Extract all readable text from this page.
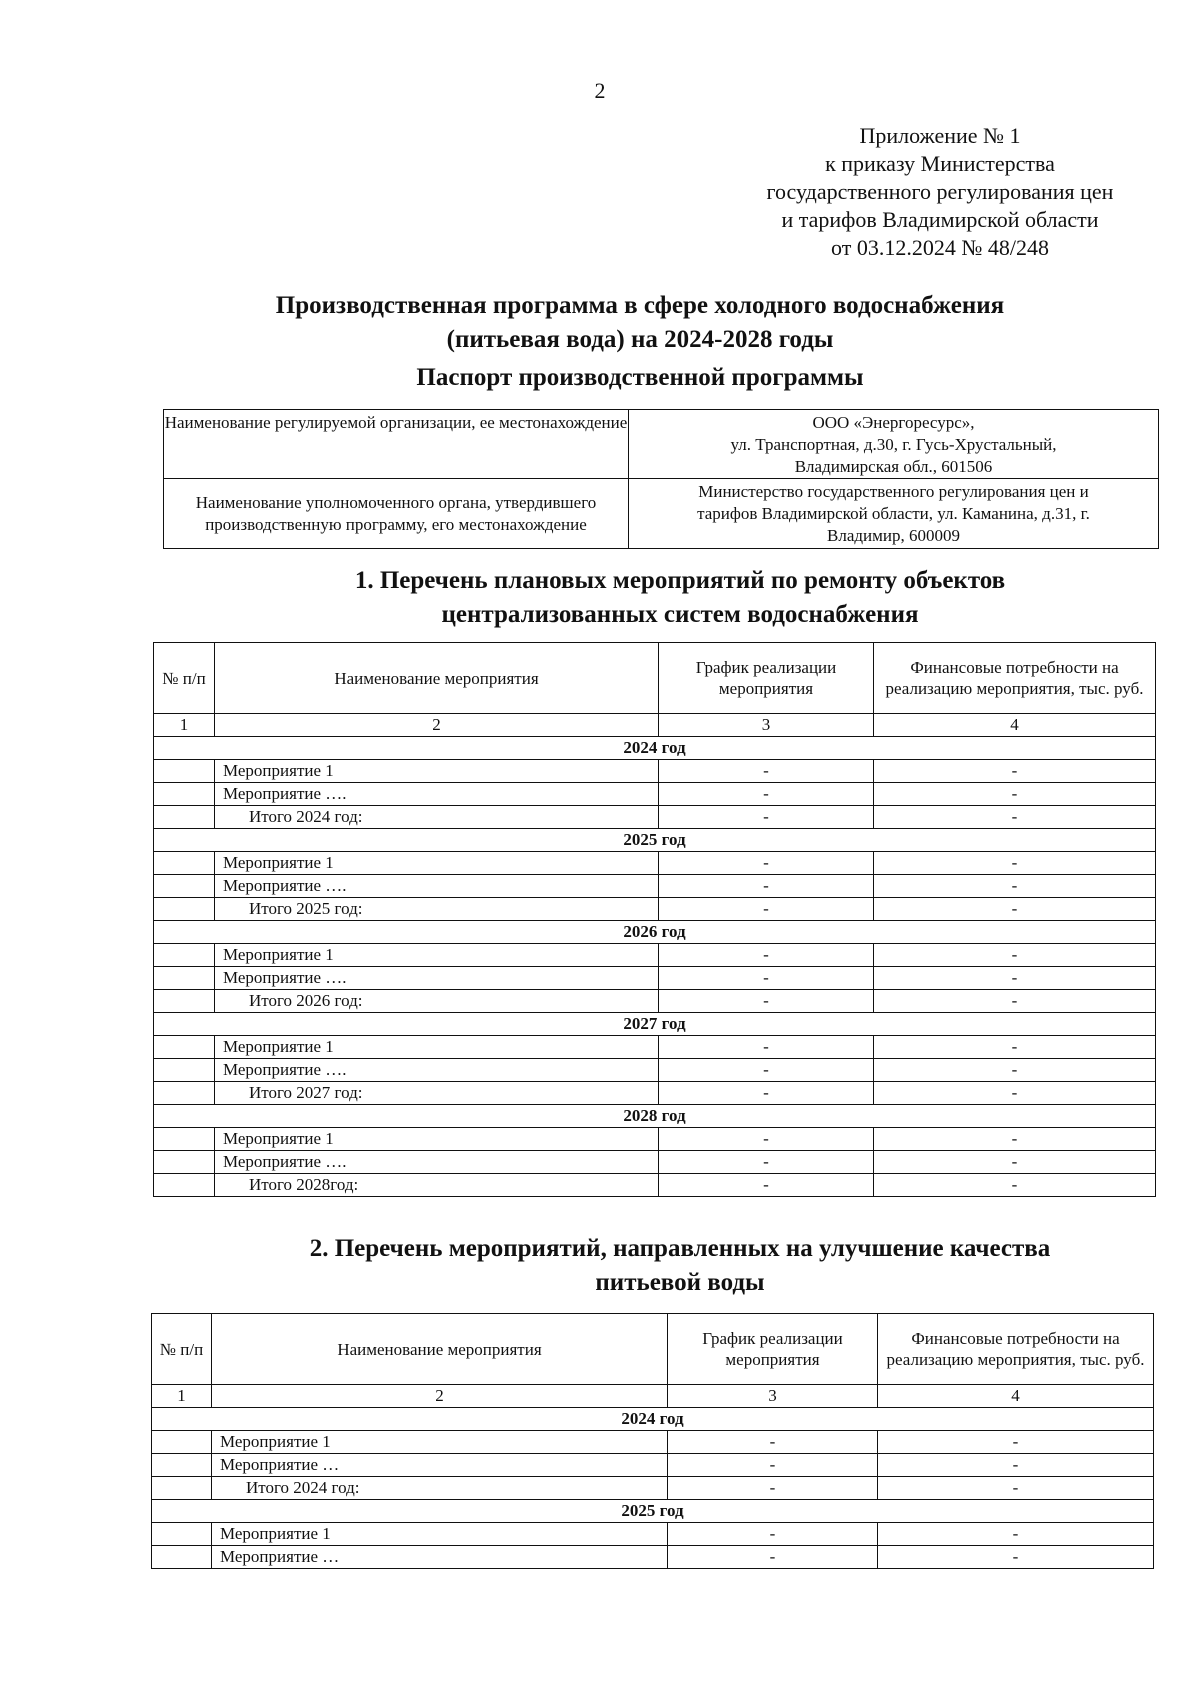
2
Приложение № 1
к приказу Министерства
государственного регулирования цен
и тарифов Владимирской области
от 03.12.2024 № 48/248
Производственная программа в сфере холодного водоснабжения
(питьевая вода) на 2024-2028 годы
Паспорт производственной программы
Наименование регулируемой организации, ее местонахождение	ООО «Энергоресурс»,
ул. Транспортная, д.30, г. Гусь-Хрустальный,
Владимирская обл., 601506

Наименование уполномоченного органа, утвердившего производственную программу, его местонахождение	Министерство государственного регулирования цен и
тарифов Владимирской области, ул. Каманина, д.31, г.
Владимир, 600009
1. Перечень плановых мероприятий по ремонту объектов
централизованных систем водоснабжения
№ п/п	Наименование мероприятия	График реализации мероприятия	Финансовые потребности на реализацию мероприятия, тыс. руб.
1	2	3	4
2024 год			
	Мероприятие 1	-	-
	Мероприятие ….	-	-
	Итого 2024 год:	-	-
2025 год			
	Мероприятие 1	-	-
	Мероприятие ….	-	-
	Итого 2025 год:	-	-
2026 год			
	Мероприятие 1	-	-
	Мероприятие ….	-	-
	Итого 2026 год:	-	-
2027 год			
	Мероприятие 1	-	-
	Мероприятие ….	-	-
	Итого 2027 год:	-	-
2028 год			
	Мероприятие 1	-	-
	Мероприятие ….	-	-
	Итого 2028год:	-	-
2. Перечень мероприятий, направленных на улучшение качества
питьевой воды
№ п/п	Наименование мероприятия	График реализации мероприятия	Финансовые потребности на реализацию мероприятия, тыс. руб.
1	2	3	4
2024 год			
	Мероприятие 1	-	-
	Мероприятие …	-	-
	Итого 2024 год:	-	-
2025 год			
	Мероприятие 1	-	-
	Мероприятие …	-	-
